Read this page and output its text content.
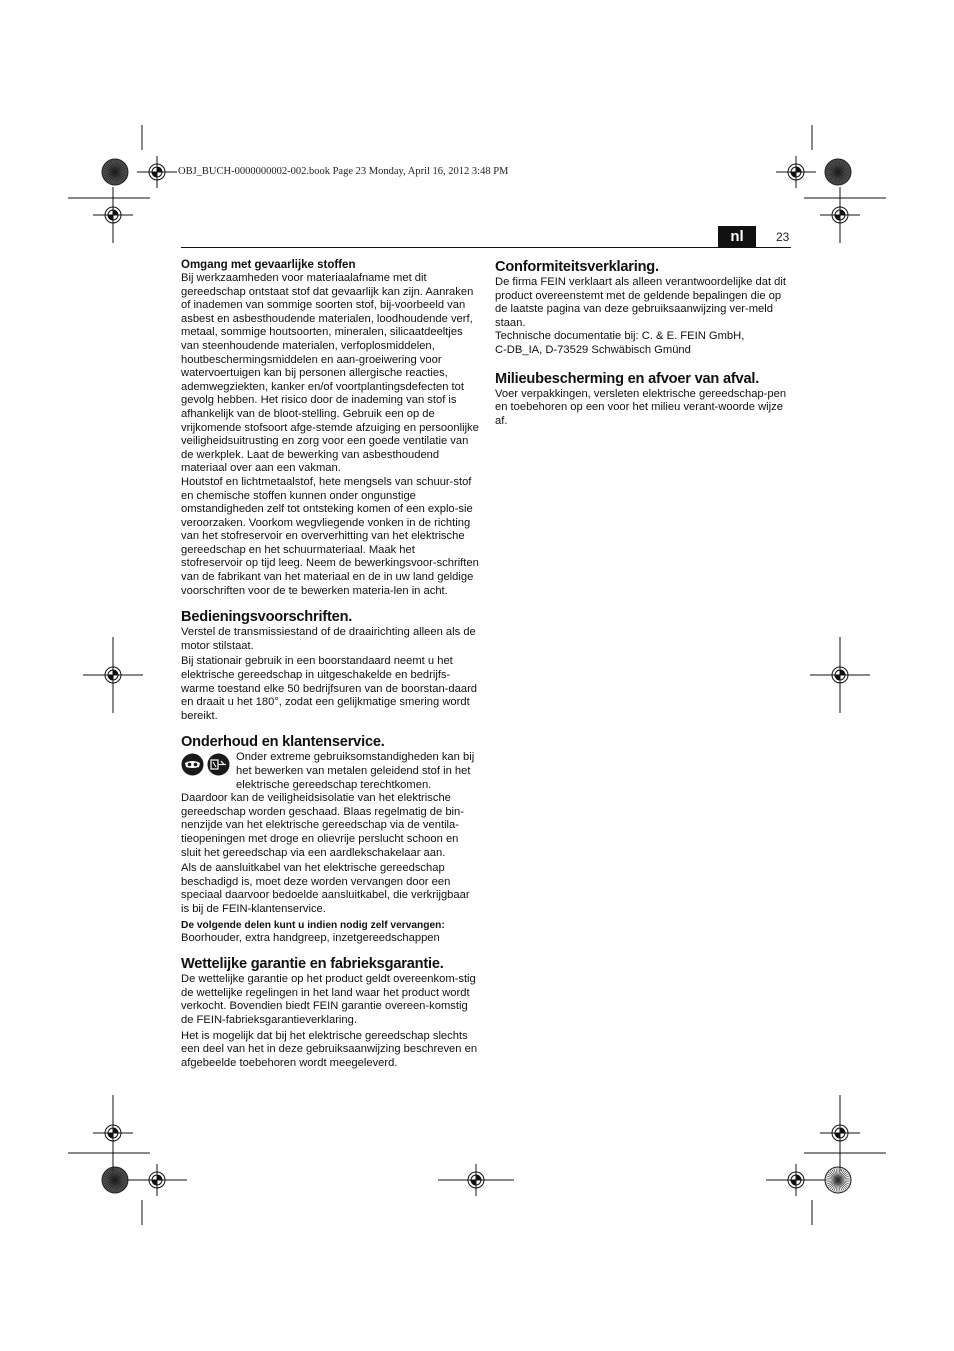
OBJ_BUCH-0000000002-002.book Page 23 Monday, April 16, 2012 3:48 PM
nl	23
Omgang met gevaarlijke stoffen

Bij werkzaamheden voor materiaalafname met dit gereedschap ontstaat stof dat gevaarlijk kan zijn. Aanraken of inademen van sommige soorten stof, bij-voorbeeld van asbest en asbesthoudende materialen, loodhoudende verf, metaal, sommige houtsoorten, mineralen, silicaatdeeltjes van steenhoudende materialen, verfoplosmiddelen, houtbeschermingsmiddelen en aan-groeiwering voor watervoertuigen kan bij personen allergische reacties, ademwegziekten, kanker en/of voortplantingsdefecten tot gevolg hebben. Het risico door de inademing van stof is afhankelijk van de bloot-stelling. Gebruik een op de vrijkomende stofsoort afge-stemde afzuiging en persoonlijke veiligheidsuitrusting en zorg voor een goede ventilatie van de werkplek. Laat de bewerking van asbesthoudend materiaal over aan een vakman.

Houtstof en lichtmetaalstof, hete mengsels van schuur-stof en chemische stoffen kunnen onder ongunstige omstandigheden zelf tot ontsteking komen of een explo-sie veroorzaken. Voorkom wegvliegende vonken in de richting van het stofreservoir en oververhitting van het elektrische gereedschap en het schuurmateriaal. Maak het stofreservoir op tijd leeg. Neem de bewerkingsvoor-schriften van de fabrikant van het materiaal en de in uw land geldige voorschriften voor de te bewerken materia-len in acht.

Bedieningsvoorschriften.

Verstel de transmissiestand of de draairichting alleen als de motor stilstaat.

Bij stationair gebruik in een boorstandaard neemt u het elektrische gereedschap in uitgeschakelde en bedrijfs-warme toestand elke 50 bedrijfsuren van de boorstan-daard en draait u het 180°, zodat een gelijkmatige smering wordt bereikt.

Onderhoud en klantenservice.

Onder extreme gebruiksomstandigheden kan bij het bewerken van metalen geleidend stof in het elektrische gereedschap terechtkomen.

Daardoor kan de veiligheidsisolatie van het elektrische gereedschap worden geschaad. Blaas regelmatig de bin-nenzijde van het elektrische gereedschap via de ventila-tieopeningen met droge en olievrije perslucht schoon en sluit het gereedschap via een aardlekschakelaar aan.

Als de aansluitkabel van het elektrische gereedschap beschadigd is, moet deze worden vervangen door een speciaal daarvoor bedoelde aansluitkabel, die verkrijgbaar is bij de FEIN-klantenservice.

De volgende delen kunt u indien nodig zelf vervangen:

Boorhouder, extra handgreep, inzetgereedschappen

Wettelijke garantie en fabrieksgarantie.

De wettelijke garantie op het product geldt overeenkom-stig de wettelijke regelingen in het land waar het product wordt verkocht. Bovendien biedt FEIN garantie overeen-komstig de FEIN-fabrieksgarantieverklaring.

Het is mogelijk dat bij het elektrische gereedschap slechts een deel van het in deze gebruiksaanwijzing beschreven en afgebeelde toebehoren wordt meegeleverd.

Conformiteitsverklaring.

De firma FEIN verklaart als alleen verantwoordelijke dat dit product overeenstemt met de geldende bepalingen die op de laatste pagina van deze gebruiksaanwijzing ver-meld staan.

Technische documentatie bij: C. & E. FEIN GmbH,

C-DB_IA, D-73529 Schwäbisch Gmünd

Milieubescherming en afvoer van afval.

Voer verpakkingen, versleten elektrische gereedschap-pen en toebehoren op een voor het milieu verant-woorde wijze af.
